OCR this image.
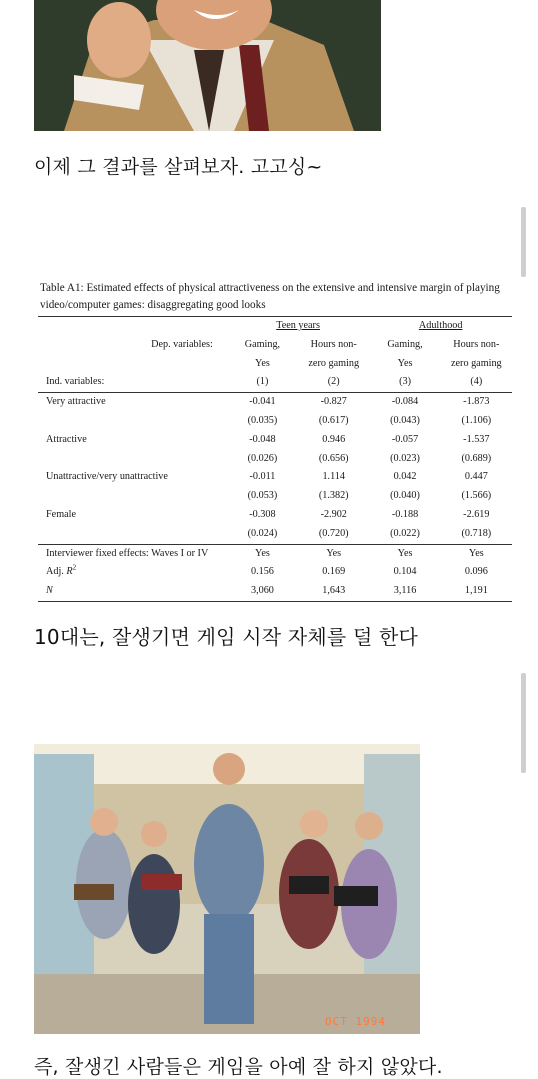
이제 그 결과를 살펴보자. 고고싱~
Table A1: Estimated effects of physical attractiveness on the extensive and intensive margin of playing video/computer games: disaggregating good looks
	Teen years		Adulthood	
Dep. variables:	Gaming,	Hours non-	Gaming,	Hours non-
	Yes	zero gaming	Yes	zero gaming
Ind. variables:	(1)	(2)	(3)	(4)
Very attractive	-0.041	-0.827	-0.084	-1.873
	(0.035)	(0.617)	(0.043)	(1.106)
Attractive	-0.048	0.946	-0.057	-1.537
	(0.026)	(0.656)	(0.023)	(0.689)
Unattractive/very unattractive	-0.011	1.114	0.042	0.447
	(0.053)	(1.382)	(0.040)	(1.566)
Female	-0.308	-2.902	-0.188	-2.619
	(0.024)	(0.720)	(0.022)	(0.718)
Interviewer fixed effects: Waves I or IV	Yes	Yes	Yes	Yes
Adj. $R^2$	0.156	0.169	0.104	0.096
N	3,060	1,643	3,116	1,191
10대는, 잘생기면 게임 시작 자체를 덜 한다
OCT 1994
즉, 잘생긴 사람들은 게임을 아예 잘 하지 않았다.
